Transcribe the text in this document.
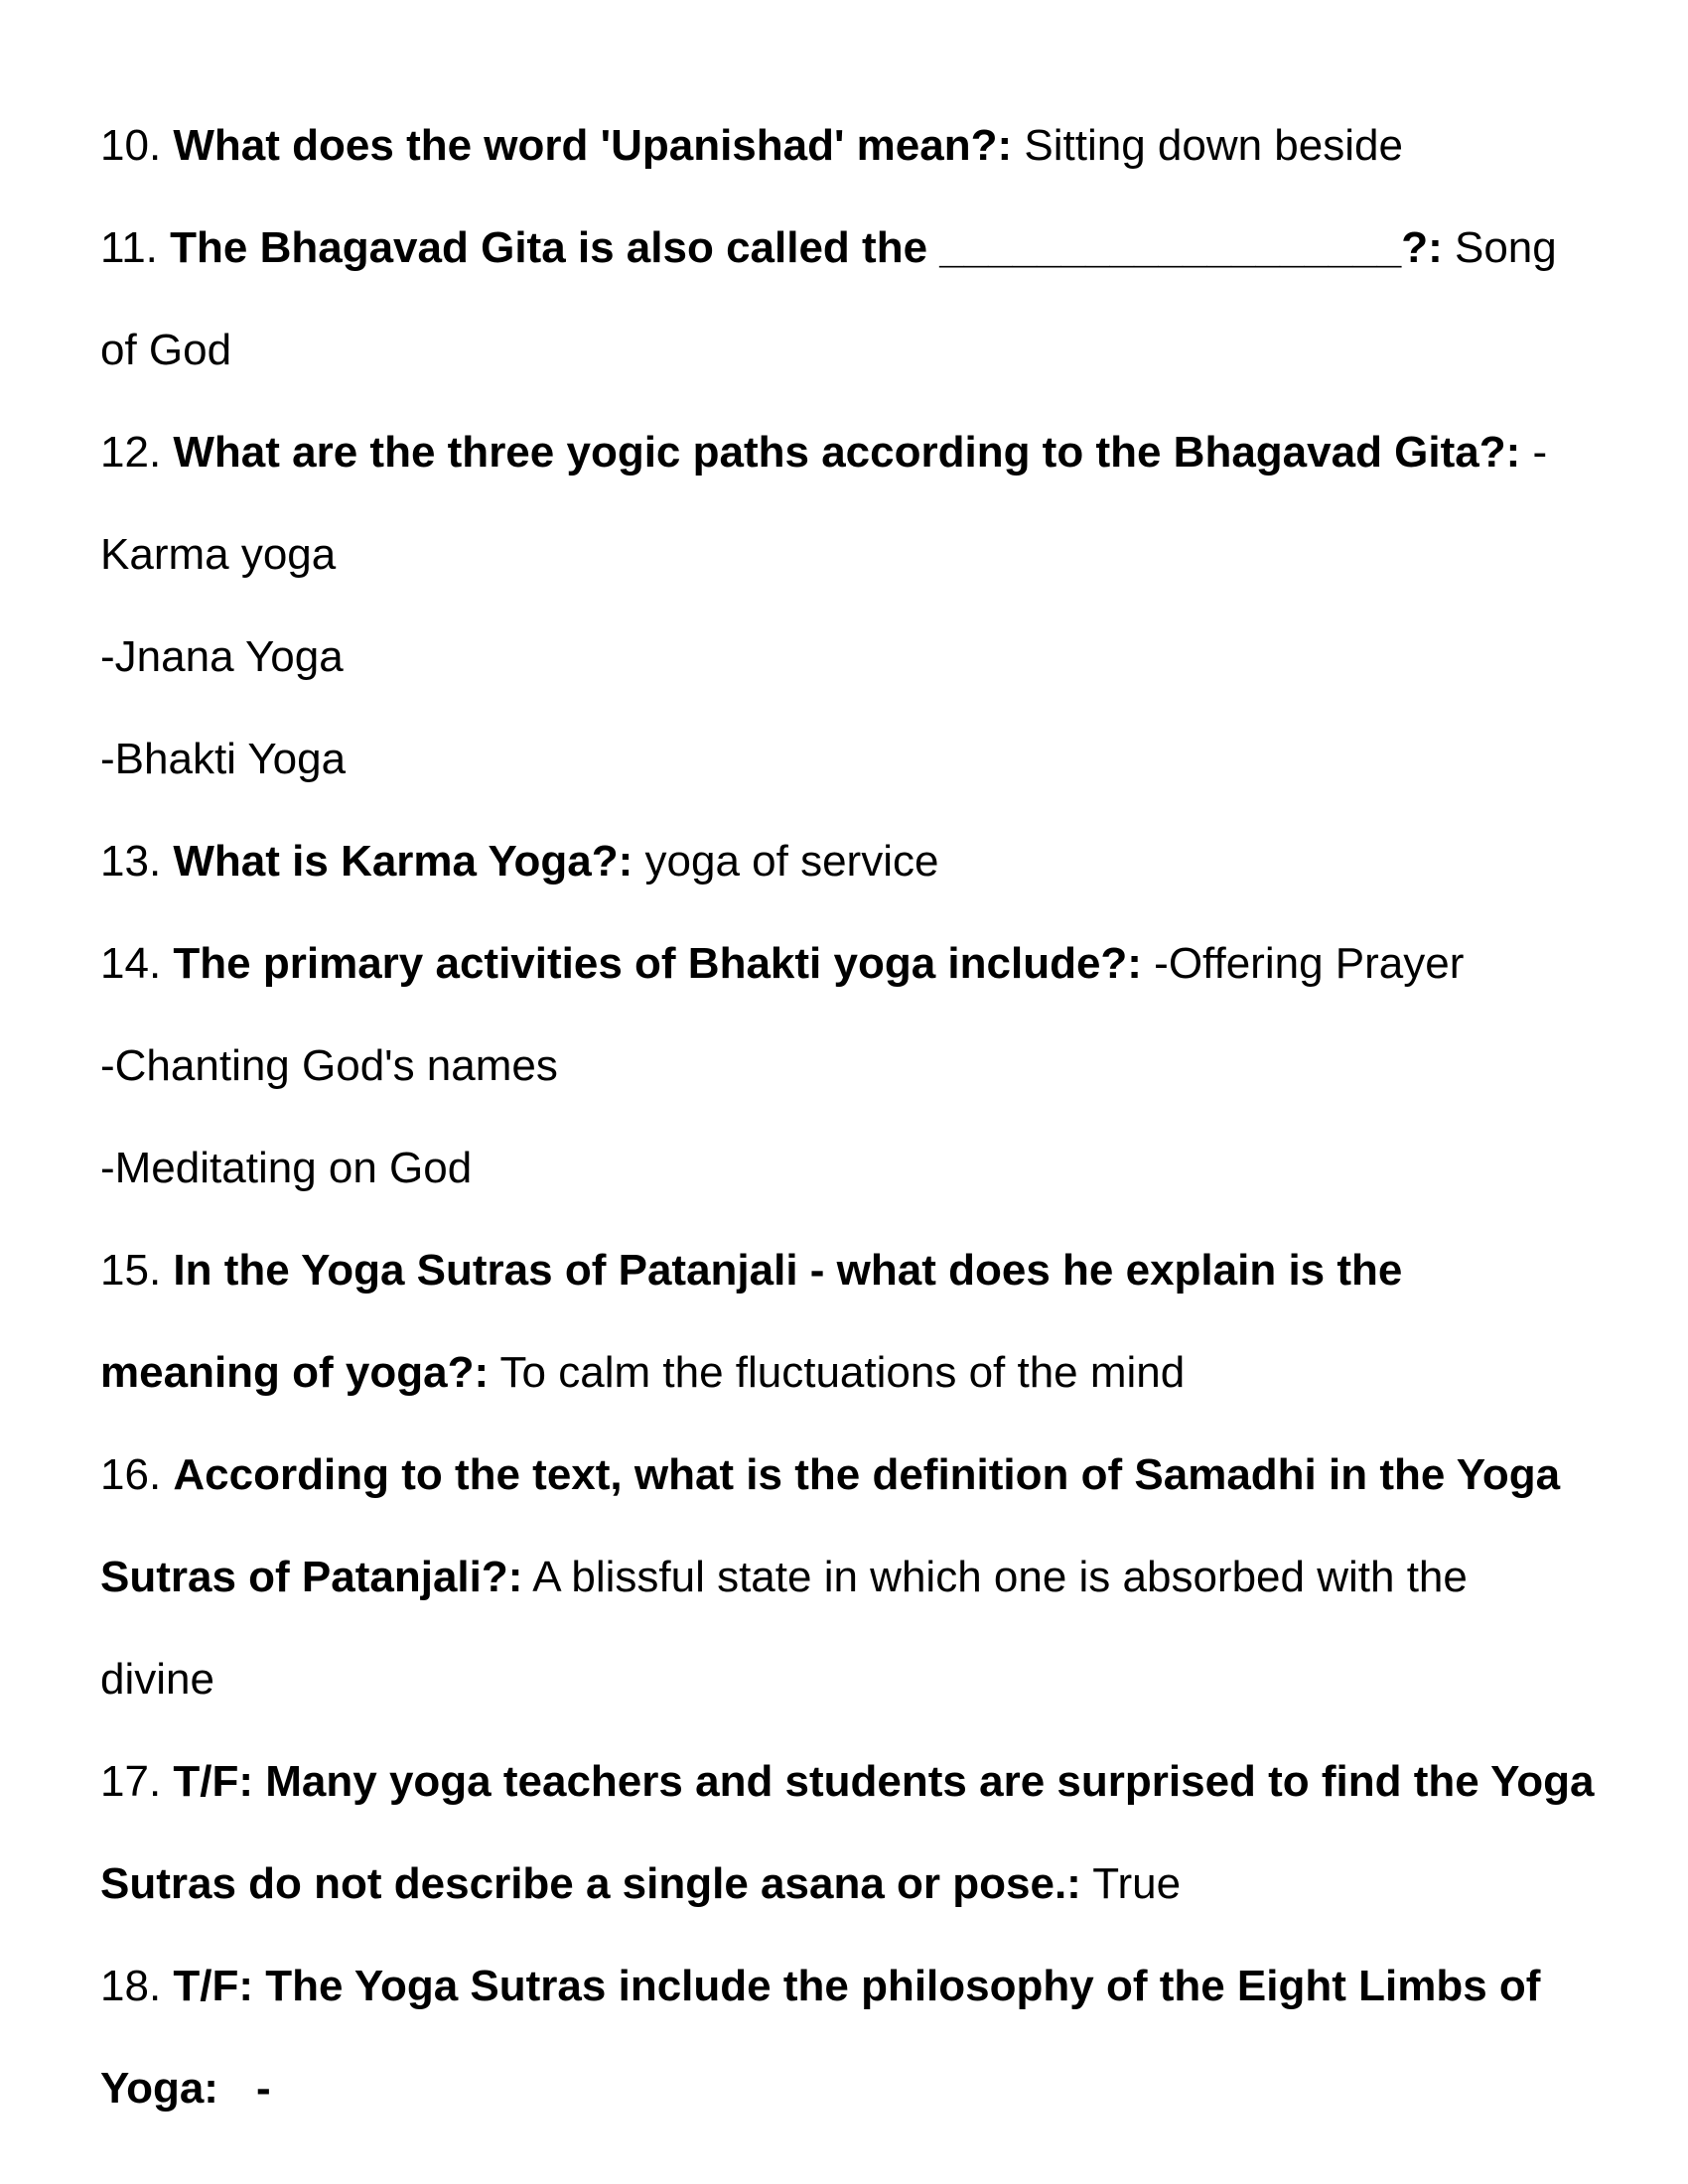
10. What does the word 'Upanishad' mean?: Sitting down beside
11. The Bhagavad Gita is also called the ___________________?: Song
of God
12. What are the three yogic paths according to the Bhagavad Gita?: -
Karma yoga
-Jnana Yoga
-Bhakti Yoga
13. What is Karma Yoga?: yoga of service
14. The primary activities of Bhakti yoga include?: -Offering Prayer
-Chanting God's names
-Meditating on God
15. In the Yoga Sutras of Patanjali - what does he explain is the
meaning of yoga?: To calm the fluctuations of the mind
16. According to the text, what is the definition of Samadhi in the Yoga
Sutras of Patanjali?: A blissful state in which one is absorbed with the
divine
17. T/F: Many yoga teachers and students are surprised to find the Yoga
Sutras do not describe a single asana or pose.: True
18. T/F: The Yoga Sutras include the philosophy of the Eight Limbs of
Yoga: -
